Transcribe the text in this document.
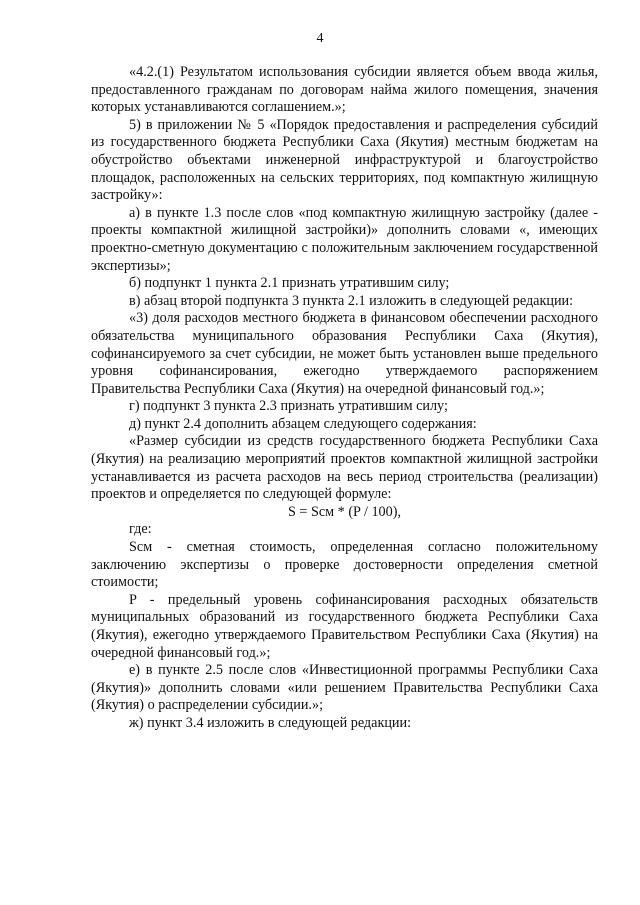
4

«4.2.(1) Результатом использования субсидии является объем ввода жилья, предоставленного гражданам по договорам найма жилого помещения, значения которых устанавливаются соглашением.»;

5) в приложении № 5 «Порядок предоставления и распределения субсидий из государственного бюджета Республики Саха (Якутия) местным бюджетам на обустройство объектами инженерной инфраструктурой и благоустройство площадок, расположенных на сельских территориях, под компактную жилищную застройку»:

а) в пункте 1.3 после слов «под компактную жилищную застройку (далее - проекты компактной жилищной застройки)» дополнить словами «, имеющих проектно-сметную документацию с положительным заключением государственной экспертизы»;

б) подпункт 1 пункта 2.1 признать утратившим силу;

в) абзац второй подпункта 3 пункта 2.1 изложить в следующей редакции:

«3) доля расходов местного бюджета в финансовом обеспечении расходного обязательства муниципального образования Республики Саха (Якутия), софинансируемого за счет субсидии, не может быть установлен выше предельного уровня софинансирования, ежегодно утверждаемого распоряжением Правительства Республики Саха (Якутия) на очередной финансовый год.»;

г) подпункт 3 пункта 2.3 признать утратившим силу;

д) пункт 2.4 дополнить абзацем следующего содержания:

«Размер субсидии из средств государственного бюджета Республики Саха (Якутия) на реализацию мероприятий проектов компактной жилищной застройки устанавливается из расчета расходов на весь период строительства (реализации) проектов и определяется по следующей формуле:

S = Sсм * (P / 100),

где:

Sсм - сметная стоимость, определенная согласно положительному заключению экспертизы о проверке достоверности определения сметной стоимости;

P - предельный уровень софинансирования расходных обязательств муниципальных образований из государственного бюджета Республики Саха (Якутия), ежегодно утверждаемого Правительством Республики Саха (Якутия) на очередной финансовый год.»;

е) в пункте 2.5 после слов «Инвестиционной программы Республики Саха (Якутия)» дополнить словами «или решением Правительства Республики Саха (Якутия) о распределении субсидии.»;

ж) пункт 3.4 изложить в следующей редакции:
